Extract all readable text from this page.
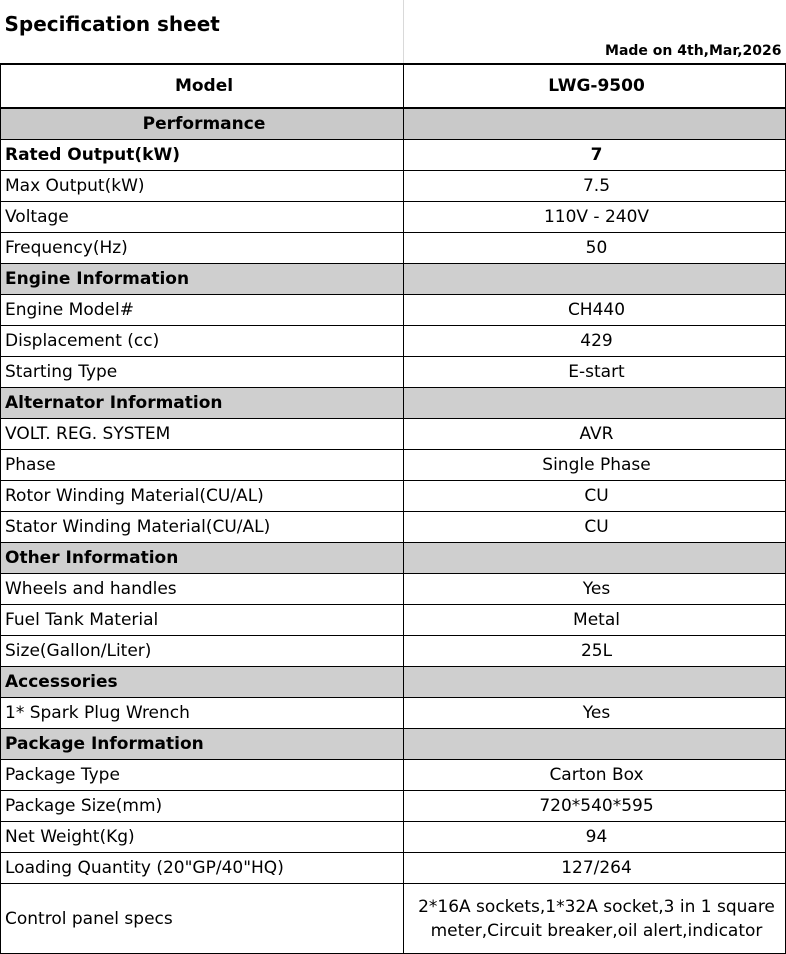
Specification sheet	Made on 4th,Mar,2026
Model	LWG-9500
Performance	
Rated Output(kW)	7
Max Output(kW)	7.5
Voltage	110V - 240V
Frequency(Hz)	50
Engine Information	
Engine Model#	CH440
Displacement (cc)	429
Starting Type	E-start
Alternator Information	
VOLT. REG. SYSTEM	AVR
Phase	Single Phase
Rotor Winding Material(CU/AL)	CU
Stator Winding Material(CU/AL)	CU
Other Information	
Wheels and handles	Yes
Fuel Tank Material	Metal
Size(Gallon/Liter)	25L
Accessories	
1* Spark Plug Wrench	Yes
Package Information	
Package Type	Carton Box
Package Size(mm)	720*540*595
Net Weight(Kg)	94
Loading Quantity (20"GP/40"HQ)	127/264
Control panel specs	2*16A sockets,1*32A socket,3 in 1 square meter,Circuit breaker,oil alert,indicator
